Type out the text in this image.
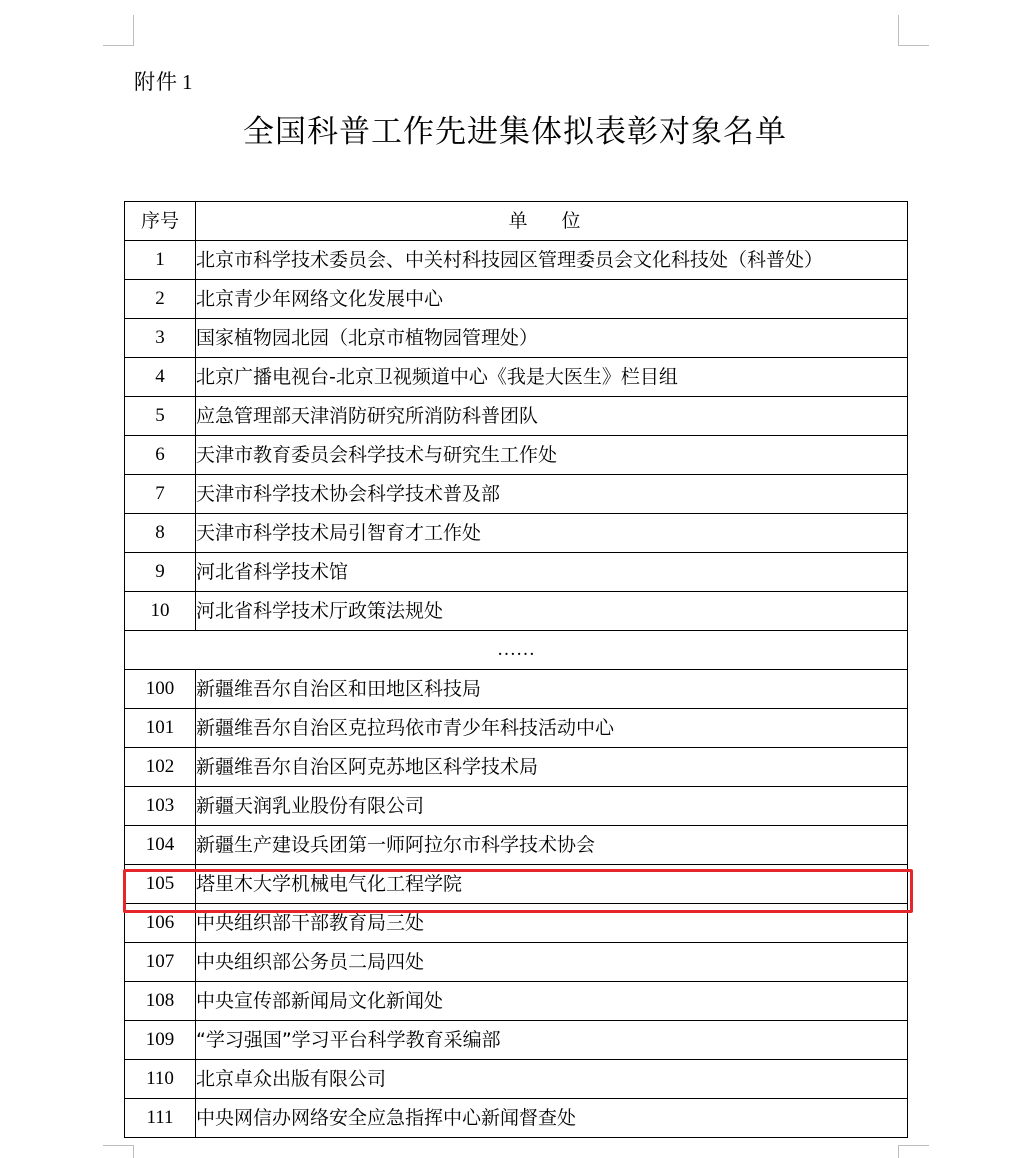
附件 1
全国科普工作先进集体拟表彰对象名单
序号	单 位
1	北京市科学技术委员会、中关村科技园区管理委员会文化科技处（科普处）
2	北京青少年网络文化发展中心
3	国家植物园北园（北京市植物园管理处）
4	北京广播电视台-北京卫视频道中心《我是大医生》栏目组
5	应急管理部天津消防研究所消防科普团队
6	天津市教育委员会科学技术与研究生工作处
7	天津市科学技术协会科学技术普及部
8	天津市科学技术局引智育才工作处
9	河北省科学技术馆
10	河北省科学技术厅政策法规处
……	
100	新疆维吾尔自治区和田地区科技局
101	新疆维吾尔自治区克拉玛依市青少年科技活动中心
102	新疆维吾尔自治区阿克苏地区科学技术局
103	新疆天润乳业股份有限公司
104	新疆生产建设兵团第一师阿拉尔市科学技术协会
105	塔里木大学机械电气化工程学院
106	中央组织部干部教育局三处
107	中央组织部公务员二局四处
108	中央宣传部新闻局文化新闻处
109	“学习强国”学习平台科学教育采编部
110	北京卓众出版有限公司
111	中央网信办网络安全应急指挥中心新闻督查处
